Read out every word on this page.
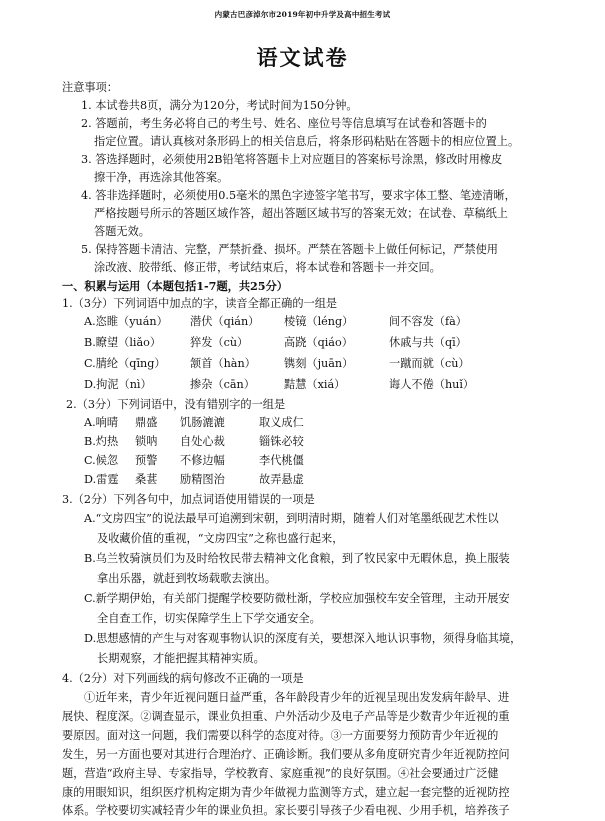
内蒙古巴彦淖尔市2019年初中升学及高中招生考试
语文试卷
注意事项：
1. 本试卷共8页，满分为120分，考试时间为150分钟。
2. 答题前，考生务必将自己的考生号、姓名、座位号等信息填写在试卷和答题卡的
指定位置。请认真核对条形码上的相关信息后，将条形码粘贴在答题卡的相应位置上。
3. 答选择题时，必须使用2B铅笔将答题卡上对应题目的答案标号涂黑，修改时用橡皮
擦干净，再选涂其他答案。
4. 答非选择题时，必须使用0.5毫米的黑色字迹签字笔书写，要求字体工整、笔迹清晰，
严格按题号所示的答题区域作答，超出答题区域书写的答案无效；在试卷、草稿纸上
答题无效。
5. 保持答题卡清洁、完整，严禁折叠、损坏。严禁在答题卡上做任何标记，严禁使用
涂改液、胶带纸、修正带，考试结束后，将本试卷和答题卡一并交回。
一、积累与运用（本题包括1-7题，共25分）
1.（3分）下列词语中加点的字，读音全都正确的一组是
A.恣睢（yuán） 潜伏（qián） 棱镜（léng）	间不容发（fà）
B.瞭望（liǎo）	猝发（cù）	高跷（qiáo）	休戚与共（qī）
C.腈纶（qīng） 颔首（hàn）	镌刻（juān）	一蹴而就（cù）
D.拘泥（nì）	掺杂（cān）	黠慧（xiá）	诲人不倦（huǐ）
2.（3分）下列词语中，没有错别字的一组是
A.响晴 鼎盛 饥肠漉漉	取义成仁
B.灼热 锁呐 自处心裁	锱铢必较
C.候忽 预警 不修边幅	李代桃僵
D.雷霆 桑葚 励精图治	故弄悬虚
3.（2分）下列各句中，加点词语使用错误的一项是
A.“文房四宝”的说法最早可追溯到宋朝，到明清时期，随着人们对笔墨纸砚艺术性以
及收藏价值的重视，“文房四宝”之称也盛行起来，
B.乌兰牧骑演员们为及时给牧民带去精神文化食粮，到了牧民家中无暇休息，换上服装
拿出乐器，就赶到牧场载歌去演出。
C.新学期伊始，有关部门提醒学校要防微杜渐，学校应加强校车安全管理，主动开展安
全自查工作，切实保障学生上下学交通安全。
D.思想感情的产生与对客观事物认识的深度有关，要想深入地认识事物，须得身临其境，
长期观察，才能把握其精神实质。
4.（2分）对下列画线的病句修改不正确的一项是
①近年来，青少年近视问题日益严重，各年龄段青少年的近视呈现出发发病年龄早、进
展快、程度深。②调查显示，课业负担重、户外活动少及电子产品等是少数青少年近视的重
要原因。面对这一问题，我们需要以科学的态度对待。③一方面要努力预防青少年近视的
发生，另一方面也要对其进行合理治疗、正确诊断。我们要从多角度研究青少年近视防控问
题，营造“政府主导、专家指导，学校教育、家庭重视”的良好氛围。④社会要通过广泛健
康的用眼知识，组织医疗机构定期为青少年做视力监测等方式，建立起一套完整的近视防控
体系。学校要切实减轻青少年的课业负担。家长要引导孩子少看电视、少用手机，培养孩子
